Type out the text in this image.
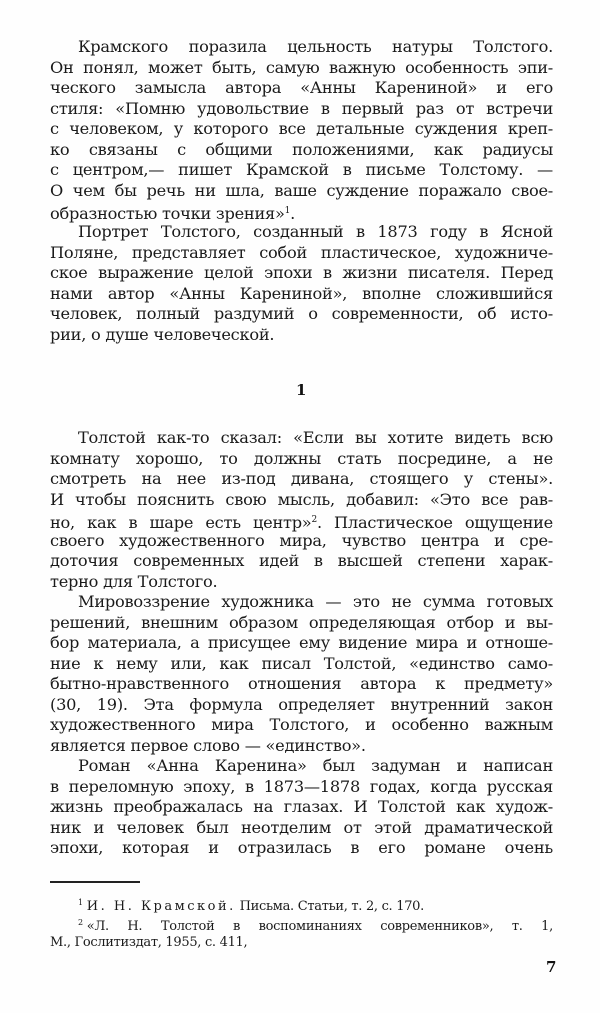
Крамского поразила цельность натуры Толстого.
Он понял, может быть, самую важную особенность эпи-
ческого замысла автора «Анны Карениной» и его
стиля: «Помню удовольствие в первый раз от встречи
с человеком, у которого все детальные суждения креп-
ко связаны с общими положениями, как радиусы
с центром,— пишет Крамской в письме Толстому. —
О чем бы речь ни шла, ваше суждение поражало свое-
образностью точки зрения»$^1$.
Портрет Толстого, созданный в 1873 году в Ясной
Поляне, представляет собой пластическое, художниче-
ское выражение целой эпохи в жизни писателя. Перед
нами автор «Анны Карениной», вполне сложившийся
человек, полный раздумий о современности, об исто-
рии, о душе человеческой.
1
Толстой как-то сказал: «Если вы хотите видеть всю
комнату хорошо, то должны стать посредине, а не
смотреть на нее из-под дивана, стоящего у стены».
И чтобы пояснить свою мысль, добавил: «Это все рав-
но, как в шаре есть центр»$^2$. Пластическое ощущение
своего художественного мира, чувство центра и сре-
доточия современных идей в высшей степени харак-
терно для Толстого.
Мировоззрение художника — это не сумма готовых
решений, внешним образом определяющая отбор и вы-
бор материала, а присущее ему видение мира и отноше-
ние к нему или, как писал Толстой, «единство само-
бытно-нравственного отношения автора к предмету»
(30, 19). Эта формула определяет внутренний закон
художественного мира Толстого, и особенно важным
является первое слово — «единство».
Роман «Анна Каренина» был задуман и написан
в переломную эпоху, в 1873—1878 годах, когда русская
жизнь преображалась на глазах. И Толстой как худож-
ник и человек был неотделим от этой драматической
эпохи, которая и отразилась в его романе очень
$^1$ И. Н. Крамской. Письма. Статьи, т. 2, с. 170.
$^2$ «Л. Н. Толстой в воспоминаниях современников», т. 1,
М., Гослитиздат, 1955, с. 411,
7
